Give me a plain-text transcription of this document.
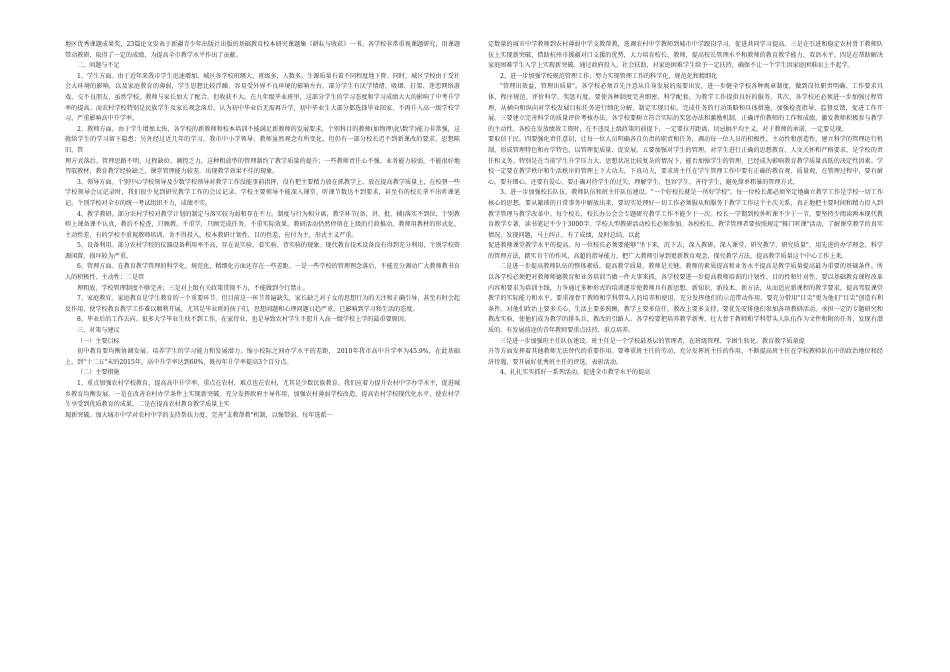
地区优秀课题成果奖，23篇论文发表于新疆青少年出版社出版的基础教育校本研究课题集《耕耘与收获》一书。各学校非常重视课题研究，用课题带动教研，取得了一定的成绩，为提高全市教学水平作出了贡献。

二、问题与不足

1、学生方面。由于近年来我市学生迅速增加，城区各学校班额大，班级多，人数多，生源质量有着不同程度地下降。同时，城区学校由于受社会大环境的影响，以及家庭教育的薄弱，学生思想比较浮躁，容易受外界不良环境的影响左右。部分学生有厌学情绪，吸烟、打架、迷恋网络游戏、交不良朋友，虽然学校、教师与家长加大了配合，但收获不大。在九年级毕业班里，这部分学生的学习态度和学习成绩大大的影响了中考升学率的提高。而农村学校特别是民族学生及家长观念落后，认为初中毕业后无需再升学，初中毕业生大部分都选择毕业回家，不再升入高一级学校学习，严重影响高中升学率。

2、教师方面。由于学生增加太快，各学校的新教师和校本培训不能满足新教师的发展要求，个别科目的教师(如物理\化\数学)能力非常强，这就给学生的学习留下隐患；另外经过近几年的学习，我市中小学领导、教师虽然观念有所变化，但仍有一部分校长迟不到新课改的要求，思想陈旧、管

理方式落后、管理思路不明、过程缺位、调控乏力，这种粗放型的管理制约了教学质量的提升；一些教师责任心不强、业务能力较弱，不能很好地驾驭教材，教育教学经验缺乏，课堂管理能力较差，出现教学效果不佳的现象。

3、领导方面。个别中心学校领导及少数学校领导对教学工作没能事前指挥，没有把主要精力放在抓教学上，放在提高教学质量上，在校督一些学校领导会议记录时，我们很少见到研究教学工作的会议记录。学校主要领导不能深入课堂，听课节数达不到要求，甚至有的校长拿不出听课笔记。个别学校对全市的统一考试组织不力，成绩不实。

4、教学教研。部分农村学校对教学计划的制定与落实较为弱和存在不力。制度与行为相分离，教学环节(备、讲、批、辅)落实不到位，个别教师上课备课不认真，教后不检查，只顾教，不重学，只顾完成任务，不重实际效果。教研活动仍然停留在上级的行政推动，教师用教材的形式化、主动性差，有的学校不重视教师培训，舍不得投入，校本教研计划性、目的性差，应付为主，形式主义严重。

5、设备利用。部分农村学校的仪器设备利用率不高，存在说实验、看实验、背实验的现象。现代教育技术设备没有得到充分利用，个别学校资源闲置、损坏较为严重。

6、管理方面。在教育教学管理的科学化、规范化、精细化方面还存在一些差距。一是一些学校的管理理念落后，不能充分调动广大教师教书育人的积极性、主动性；二是管

理粗放，学校管理制度不够完善；三是对上级有关政策贯彻不力，不能做到令行禁止。

7、家庭教育。家庭教育是学生教育的一个重要环节。但目前这一环节普遍缺失，家长缺乏对子女的思想行为的关注和正确引导，甚至有时会起反作用，使学校教育教学工作难以顺利开展，尤其是毕业班的孩子们，思想问题和心理问题日趋严重，已影响到学习和生活的态度。

8、毕业后的工作去向。很多大学毕业生找不到工作，在家待业，也是导致农村学生不愿升入高一级学校上学的最重要原因。

三、对策与建议

（一）主要目标

初中教育要均衡协调发展。培养学生的学习能力和发展潜力。缩小校际之间办学水平的差距， 2010年我市高中升学率为45.9%，在此基础上，到"十二五"末的2015年，高中升学率达到60%，既每年升学率提高3个百分点。

（二）主要措施

1、重点加强农村学校教育，提高高中升学率，重点在农村，难点也在农村，尤其是少数民族教育。我们应着力提升农村中学办学水平，促进城乡教育均衡发展。一是在改善农村办学条件上实现新突破。充分发挥政府主导作用，加强农村薄弱学校改造，提高农村学校现代化水平，使农村学生享受到优质教育的成果。二是在提高农村教育教学质量上实

现新突破。加大城市中学对农村中学的支持帮扶力度，完善"支教帮教"机制，以强带弱，每年选派一

定数量的城市中学教师到农村薄弱中学支教帮教，选调农村中学教师到城市中学跟岗学习，促进共同学习提高。三是在引进和稳定农村骨干教师队伍上实现新突破，借助杭州市援疆对口支援的优势，大力培育校长、教师，提高校长管理水平和教师的教育教学能力、双语水平。四是在帮助解决家庭困难学生入学上实现新突破。通过政府投入、社会扶助，对家庭困难学生给予一定扶持，确保不让一个学生因家庭困难而上不起学。

2、进一步加强学校规范管理工作，努力实现管理工作的科学化、规范化和精细化

"管理出效益，管理出质量"。各学校必须首先注意从自身发展的需要出发，进一步健全学校各种规章制度，做到岗位职责明确、工作要求具体、程序规范、评价科学、奖惩有度。要使各种制度完善细密、科学配套，为教学工作提供良好的服务。其次，各学校还必须进一步加强过程管理，从横向和纵向对学校发展目标任务进行细化分解，制定实现目标、完成任务的行动策略和具体措施，加强检查指导、监督反馈，促进工作开展。三要建立完善科学的质量评价考核办法。各学校要树立符合实际的奖惩办法和激励机制，正确评价教师的工作和成绩，激发教师积极参与教学的主动性。各校在发放绩效工资时，在不违反上级政策的前提下，一定要拉开距离，切忌搞平均主义。对于教师的承诺，一定要兑现。

要取信于民。四要强化责任意识，让每一位人员明确各自负责的职责和任务，调动每一位人员的积极性、主动性和创造性，建立科学的管理运行机制，形成管理特色和办学特色，以管理促质量、促发展。五要加强对学生的管理。对学生进行正确的思想教育、人文关怀和严格要求，是学校的责任和义务。特别是在当前学生升学压力大、思想状况比较复杂的情况下，能否加强学生的管理，已经成为影响教育教学质量高低的决定性因素。学校一定要在教学秩序和生活秩序的管理上下大功夫，下真功夫，要求班主任在学生管理工作中要有正确的教育观、质量观，在管理过程中，要有耐心、要有细心、还要有爱心，要正确对待学生的过失，理解学生，包容学生，善待学生，避免简单粗暴的管理方式。

3、进一步加强校长队伍、教师队伍和班主任队伍建设。"一个好校长就是一所好学校"。每一位校长都必须坚定地确立教学工作是学校一切工作核心的思想，要从繁琐的日常事务中解放出来，要切实处理好一切工作必须服从和服务于教学工作这个主次关系，真正地把主要时间和精力投入到教学管理与教学改革中。每个校长，校长办公会会专题研究教学工作不能少于一次。校长一学期到校外听课不少于一节，要坚持少阅读两本现代教育教学专著，读书笔记不少于3000字。学校大型教研活动校长必须参加。各校校长、教学管理者要按照规定"推门听课"活动，了解课堂教学的真实情况，发现问题，马上纠正，有了成绩，及时总结，以此

促进教师课堂教学水平的提高。每一位校长必须要能够"坐下来，沉下去，深入教研，深入课堂，研究教学，研究质量"，用先进的办学理念、科学的管理方法，踏实肯干的作风，高超的指导能力，把广大教师引导到更新教育观念，探究教学方法，提高教学质量这个中心工作上来。

二是进一步提高教师队伍的整体素质。提高教学质量，教师是关键。教师的素质提高和业务水平提高是教学质量提高最为重要的基础条件。所以各学校必须把对教师师德教育和业务培训当做一件大事来抓。各学校要进一步提高教师培训的计划性、目的性和针对性，要以基础教育课程改革内容和要求为培训主线，力争通过多种形式的培训逐步使教师具有新思想、新知识、新技术、新方法，从而适应新课程的教学要求，提高驾驭课堂教学的实际能力和水平。要重视骨干教师和学科带头人的培养和使用，充分发挥他们的示范带动作用，要充分借用"目尖"更为他们"目尖"创造有利条件。对他们政治上要多关心，生活上要多照顾，教学上要多信任，教改上要多支持，要优先安排他们参加各项教研活动，承担一定的专题研究和教改实验，使他们成为教学的排头兵、教改的引路人。各学校要把培养教学新秀、壮大骨干教师和学科带头人队伍作为文件和附的任务，发现有潜质的、有发展前途的青年教师要重点扶持、重点培养。

三是进一步加强班主任队伍建设。班主任是一个学校最基层的管理者，在班级管理、学困生转化、教育教学质量提

升等方面发挥着其他教师无法替代的重要作用。要尊重班主任的劳动，充分发挥班主任的作用，不断提高班主任在学校教师队伍中的政治地位和经济待遇，要开展好优秀班主任的评选、表彰活动。

4、扎扎实实抓好一系列活动，促进全市教学水平的提高
